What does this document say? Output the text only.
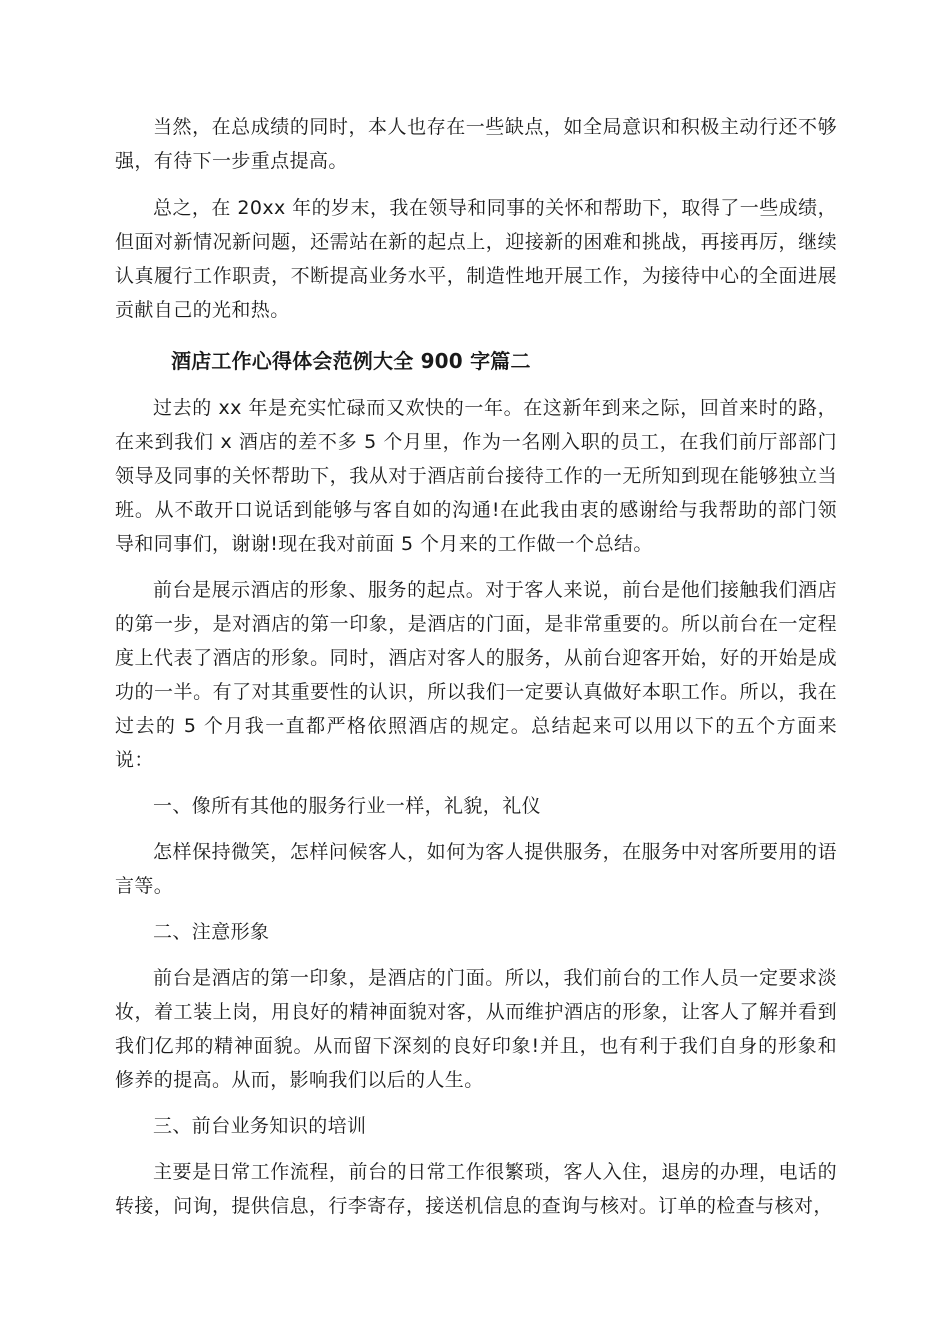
当然，在总成绩的同时，本人也存在一些缺点，如全局意识和积极主动行还不够强，有待下一步重点提高。

总之，在 20xx 年的岁末，我在领导和同事的关怀和帮助下，取得了一些成绩，但面对新情况新问题，还需站在新的起点上，迎接新的困难和挑战，再接再厉，继续认真履行工作职责，不断提高业务水平，制造性地开展工作，为接待中心的全面进展贡献自己的光和热。

酒店工作心得体会范例大全 900 字篇二

过去的 xx 年是充实忙碌而又欢快的一年。在这新年到来之际，回首来时的路，在来到我们 x 酒店的差不多 5 个月里，作为一名刚入职的员工，在我们前厅部部门领导及同事的关怀帮助下，我从对于酒店前台接待工作的一无所知到现在能够独立当班。从不敢开口说话到能够与客自如的沟通!在此我由衷的感谢给与我帮助的部门领导和同事们，谢谢!现在我对前面 5 个月来的工作做一个总结。

前台是展示酒店的形象、服务的起点。对于客人来说，前台是他们接触我们酒店的第一步，是对酒店的第一印象，是酒店的门面，是非常重要的。所以前台在一定程度上代表了酒店的形象。同时，酒店对客人的服务，从前台迎客开始，好的开始是成功的一半。有了对其重要性的认识，所以我们一定要认真做好本职工作。所以，我在过去的 5 个月我一直都严格依照酒店的规定。总结起来可以用以下的五个方面来说：

一、像所有其他的服务行业一样，礼貌，礼仪

怎样保持微笑，怎样问候客人，如何为客人提供服务，在服务中对客所要用的语言等。

二、注意形象

前台是酒店的第一印象，是酒店的门面。所以，我们前台的工作人员一定要求淡妆，着工装上岗，用良好的精神面貌对客，从而维护酒店的形象，让客人了解并看到我们亿邦的精神面貌。从而留下深刻的良好印象!并且，也有利于我们自身的形象和修养的提高。从而，影响我们以后的人生。

三、前台业务知识的培训

主要是日常工作流程，前台的日常工作很繁琐，客人入住，退房的办理，电话的转接，问询，提供信息，行李寄存，接送机信息的查询与核对。订单的检查与核对，
